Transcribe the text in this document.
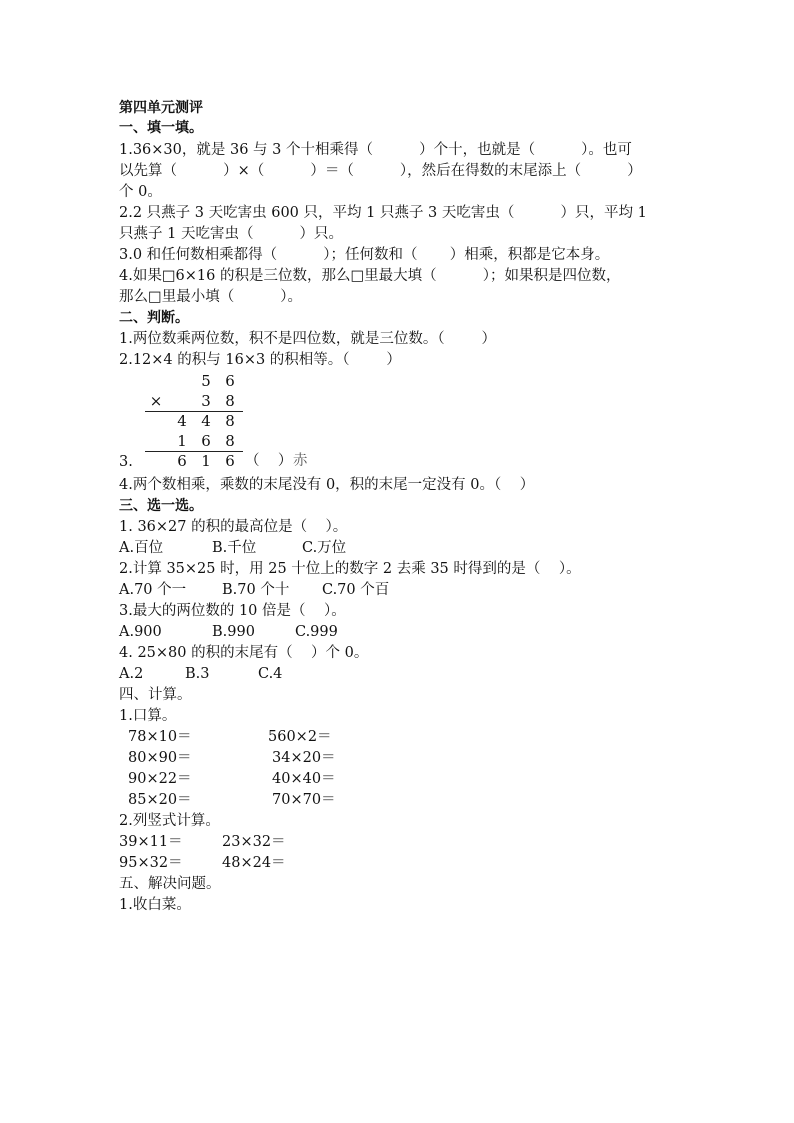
第四单元测评
一、填一填。
1.36×30，就是 36 与 3 个十相乘得（          ）个十，也就是（          ）。也可
以先算（          ）×（          ）＝（          ），然后在得数的末尾添上（          ）
个 0。
2.2 只燕子 3 天吃害虫 600 只，平均 1 只燕子 3 天吃害虫（          ）只，平均 1
只燕子 1 天吃害虫（          ）只。
3.0 和任何数相乘都得（          ）；任何数和（       ）相乘，积都是它本身。
4.如果□6×16 的积是三位数，那么□里最大填（          ）；如果积是四位数，
那么□里最小填（          ）。
二、判断。
1.两位数乘两位数，积不是四位数，就是三位数。（        ）
2.12×4 的积与 16×3 的积相等。（        ）
5 6
×	3 8
4 4 8
1 6 8
6 1 6
3.	（    ） 赤
4.两个数相乘，乘数的末尾没有 0，积的末尾一定没有 0。（    ）
三、选一选。
1. 36×27 的积的最高位是（    ）。
A.百位	B.千位	C.万位
2.计算 35×25 时，用 25 十位上的数字 2 去乘 35 时得到的是（    ）。
A.70 个一 B.70 个十 C.70 个百
3.最大的两位数的 10 倍是（    ）。
A.900	B.990	C.999
4. 25×80 的积的末尾有（    ）个 0。
A.2	B.3	C.4
四、计算。
1.口算。
78×10＝	560×2＝
80×90＝	34×20＝
90×22＝	40×40＝
85×20＝	70×70＝
2.列竖式计算。
39×11＝	23×32＝
95×32＝	48×24＝
五、解决问题。
1.收白菜。
